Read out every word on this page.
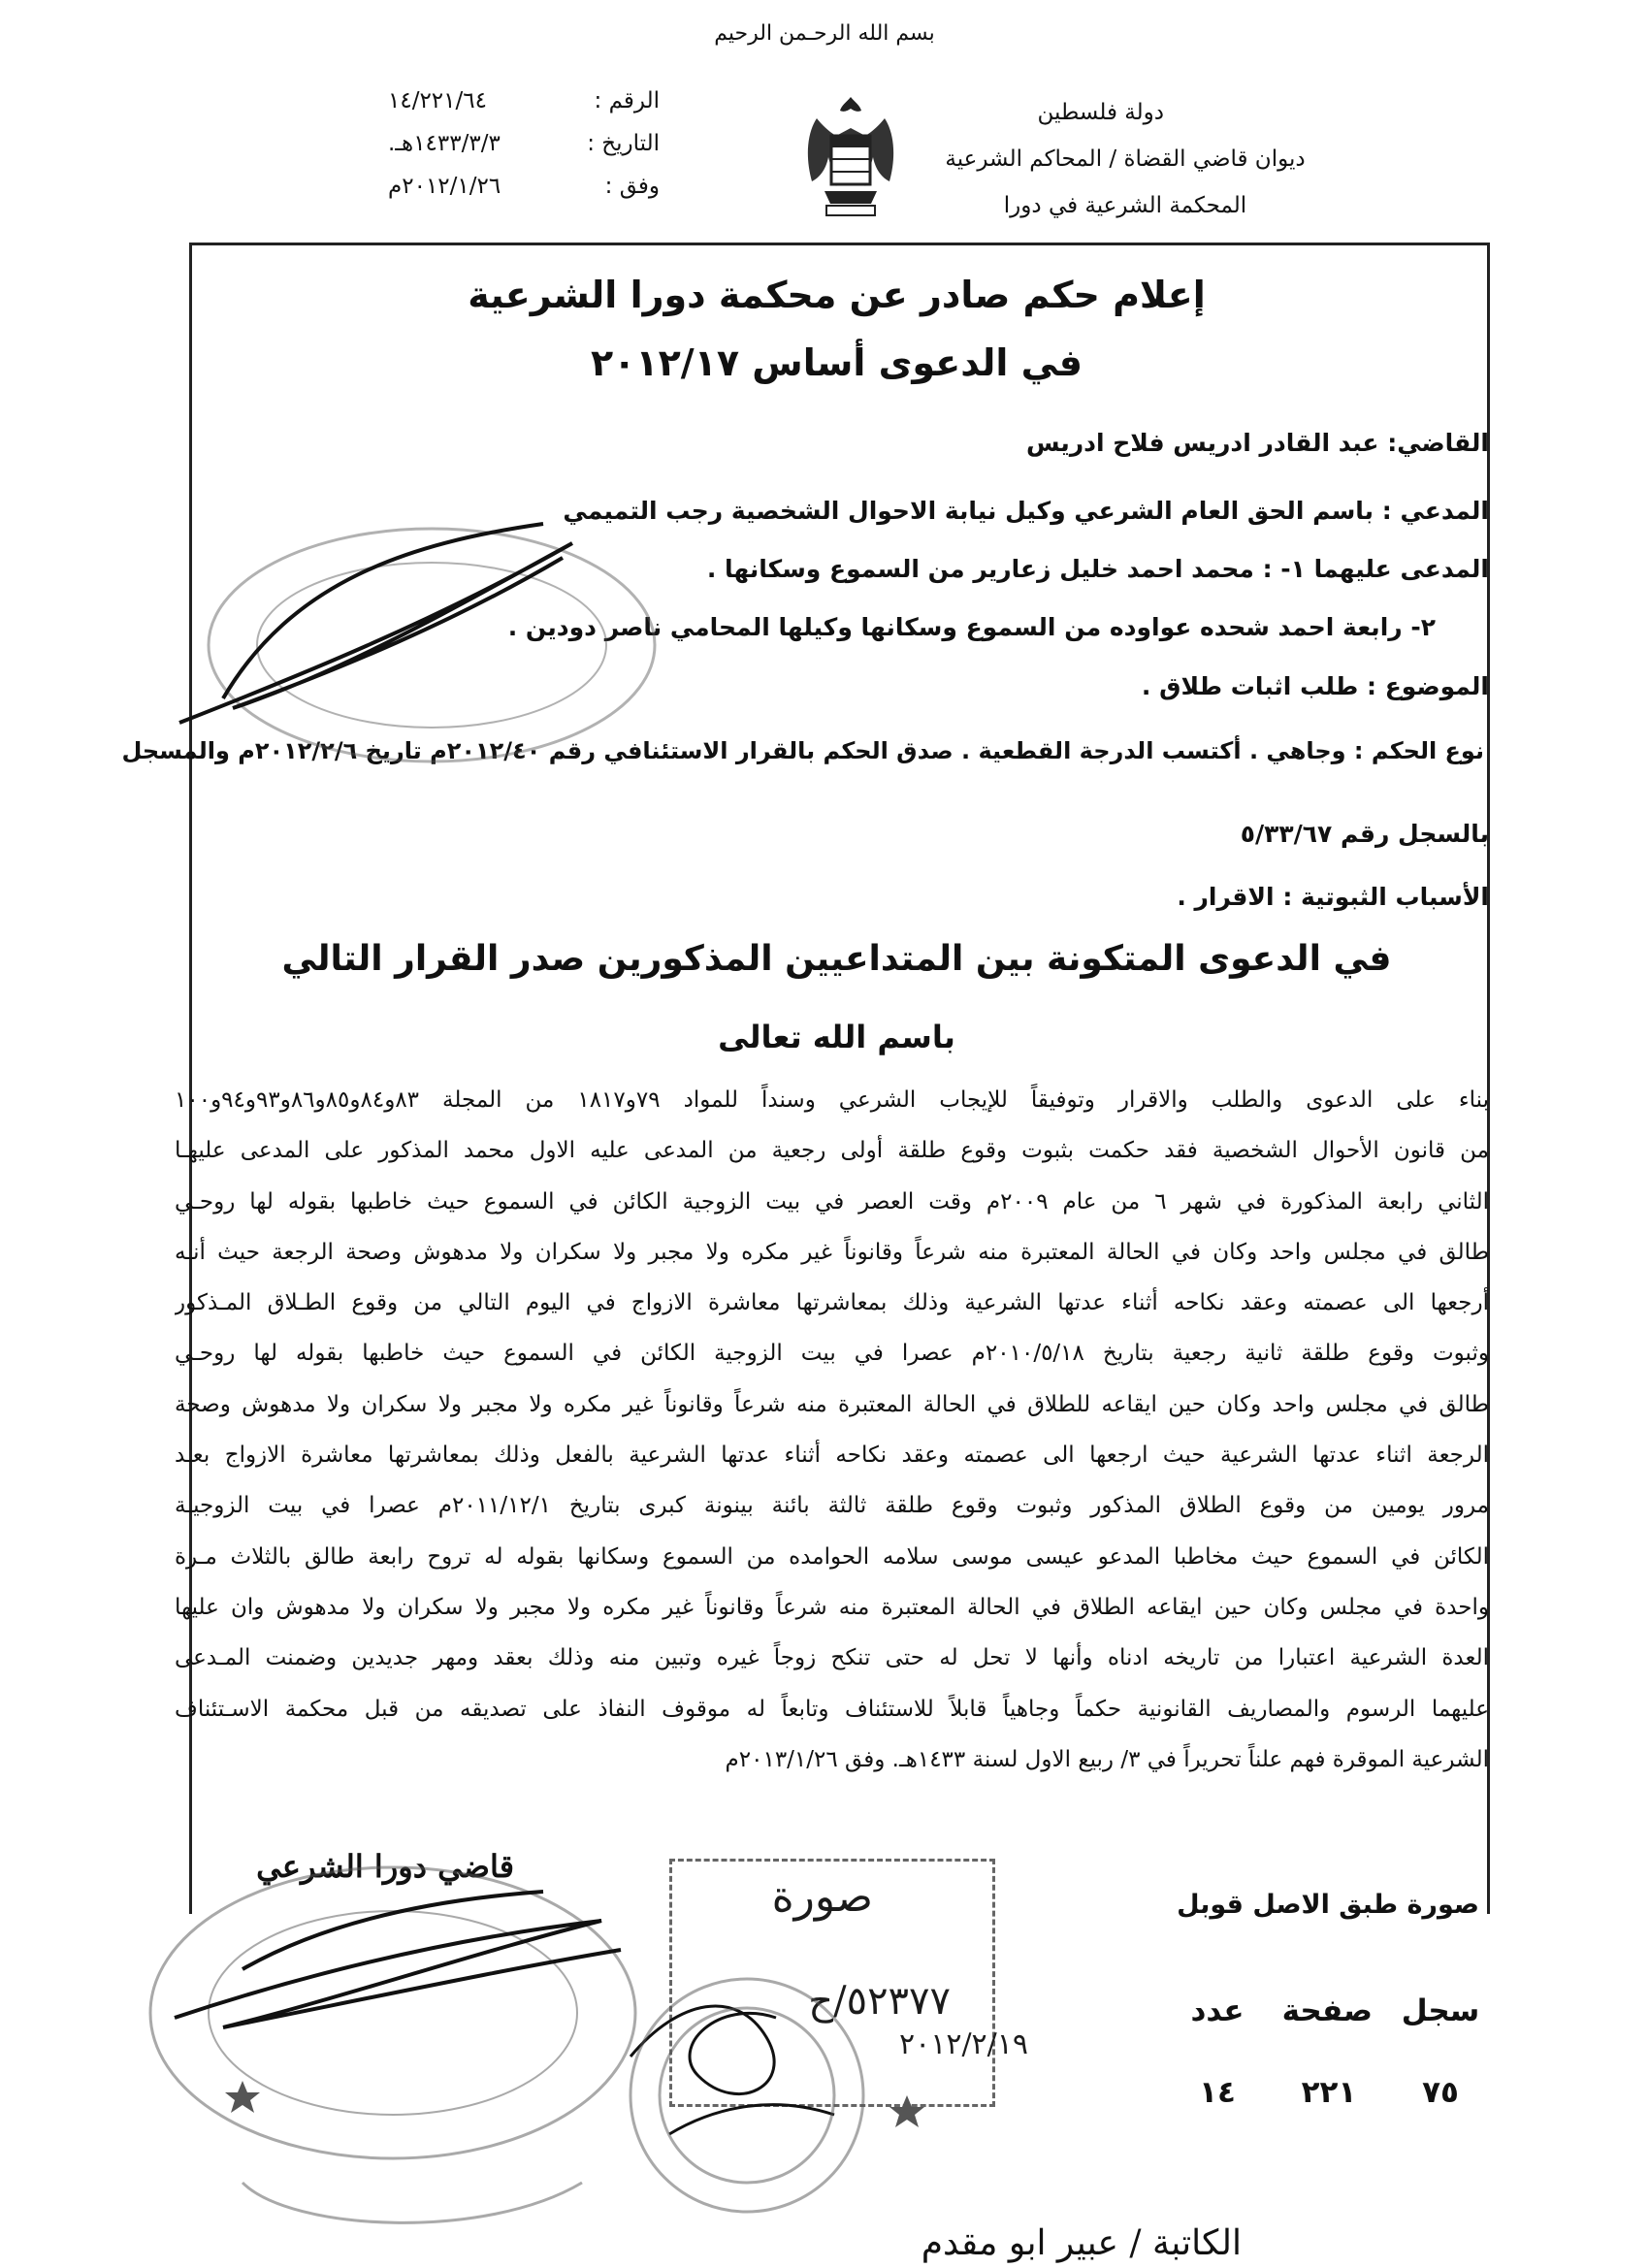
بسم الله الرحـمن الرحيم
دولة فلسطين
ديوان قاضي القضاة / المحاكم الشرعية
المحكمة الشرعية في دورا
الرقم :
١٤/٢٢١/٦٤
التاريخ :
١٤٣٣/٣/٣هـ.
وفق :
٢٠١٢/١/٢٦م
إعلام حكم صادر عن محكمة دورا الشرعية
في الدعوى أساس ٢٠١٢/١٧
القاضي: عبد القادر ادريس فلاح ادريس
المدعي : باسم الحق العام الشرعي وكيل نيابة الاحوال الشخصية رجب التميمي
المدعى عليهما ١- : محمد احمد خليل زعارير من السموع وسكانها .
٢- رابعة احمد شحده عواوده من السموع وسكانها وكيلها المحامي ناصر دودين .
الموضوع : طلب اثبات طلاق .
نوع الحكم : وجاهي . أكتسب الدرجة القطعية . صدق الحكم بالقرار الاستئنافي رقم ٢٠١٢/٤٠م تاريخ ٢٠١٢/٢/٦م والمسجل
بالسجل رقم ٥/٣٣/٦٧
الأسباب الثبوتية : الاقرار .
في الدعوى المتكونة بين المتداعيين المذكورين صدر القرار التالي
باسم الله تعالى
بناء على الدعوى والطلب والاقرار وتوفيقاً للإيجاب الشرعي وسنداً للمواد ٧٩و١٨١٧ من المجلة ٨٣و٨٤و٨٥و٨٦و٩٣و٩٤و١٠٠
من قانون الأحوال الشخصية فقد حكمت بثبوت وقوع طلقة أولى رجعية من المدعى عليه الاول محمد المذكور على المدعى عليهـا
الثاني رابعة المذكورة في شهر ٦ من عام ٢٠٠٩م وقت العصر في بيت الزوجية الكائن في السموع حيث خاطبها بقوله لها روحـي
طالق في مجلس واحد وكان في الحالة المعتبرة منه شرعاً وقانوناً غير مكره ولا مجبر ولا سكران ولا مدهوش وصحة الرجعة حيث أنـه
أرجعها الى عصمته وعقد نكاحه أثناء عدتها الشرعية وذلك بمعاشرتها معاشرة الازواج في اليوم التالي من وقوع الطـلاق المـذكور
وثبوت وقوع طلقة ثانية رجعية بتاريخ ٢٠١٠/٥/١٨م عصرا في بيت الزوجية الكائن في السموع حيث خاطبها بقوله لها روحـي
طالق في مجلس واحد وكان حين ايقاعه للطلاق في الحالة المعتبرة منه شرعاً وقانوناً غير مكره ولا مجبر ولا سكران ولا مدهوش وصحة
الرجعة اثناء عدتها الشرعية حيث ارجعها الى عصمته وعقد نكاحه أثناء عدتها الشرعية بالفعل وذلك بمعاشرتها معاشرة الازواج بعـد
مرور يومين من وقوع الطلاق المذكور وثبوت وقوع طلقة ثالثة بائنة بينونة كبرى بتاريخ ٢٠١١/١٢/١م عصرا في بيت الزوجيـة
الكائن في السموع حيث مخاطبا المدعو عيسى موسى سلامه الحوامده من السموع وسكانها بقوله له تروح رابعة طالق بالثلاث مـرة
واحدة في مجلس وكان حين ايقاعه الطلاق في الحالة المعتبرة منه شرعاً وقانوناً غير مكره ولا مجبر ولا سكران ولا مدهوش وان عليها
العدة الشرعية اعتبارا من تاريخه ادناه وأنها لا تحل له حتى تنكح زوجاً غيره وتبين منه وذلك بعقد ومهر جديدين وضمنت المـدعى
عليهما الرسوم والمصاريف القانونية حكماً وجاهياً قابلاً للاستئناف وتابعاً له موقوف النفاذ على تصديقه من قبل محكمة الاسـتئناف
الشرعية الموقرة فهم علناً تحريراً في ٣/ ربيع الاول لسنة ١٤٣٣هـ. وفق ٢٠١٣/١/٢٦م
قاضي دورا الشرعي
صورة طبق الاصل قوبل
سجل
صفحة
عدد
٧٥
٢٢١
١٤
صورة
٥٢٣٧٧/ح
٢٠١٢/٢/١٩
الكاتبة / عبير ابو مقدم
